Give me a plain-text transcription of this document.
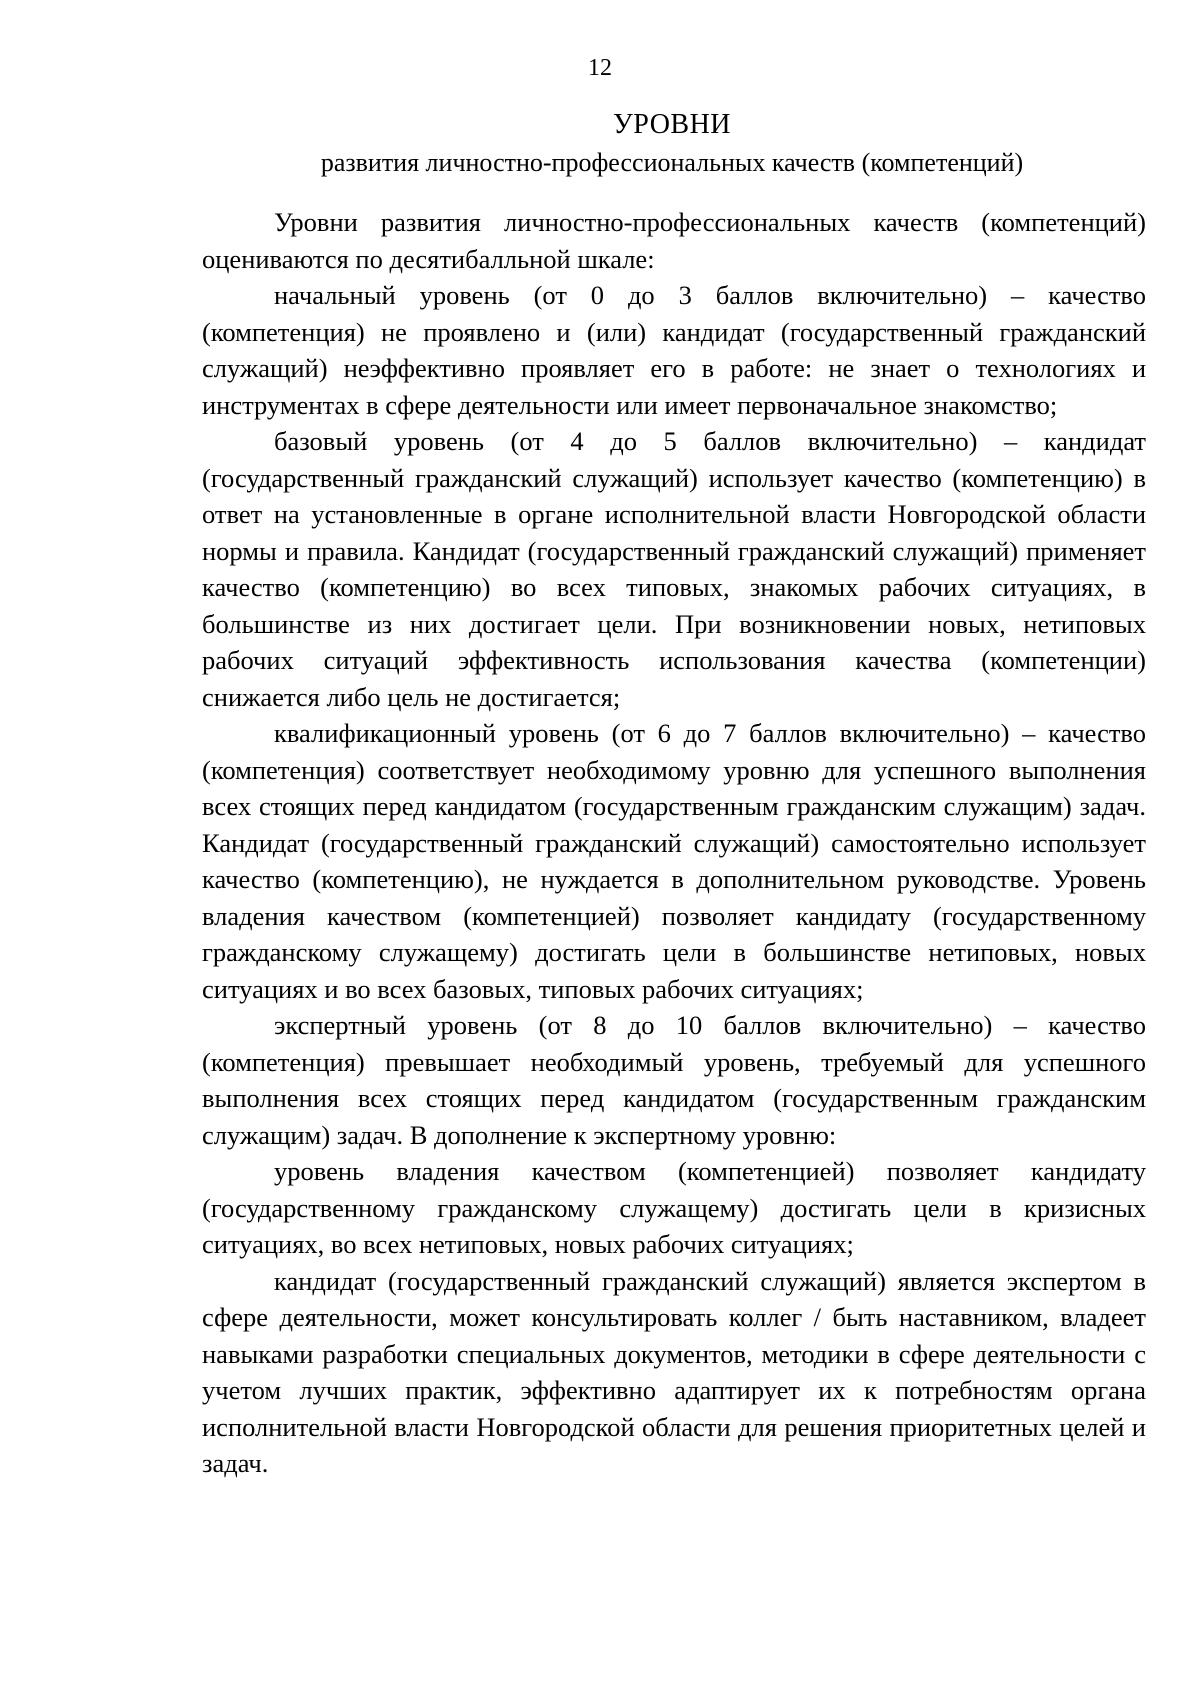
12
УРОВНИ
развития личностно-профессиональных качеств (компетенций)

Уровни развития личностно-профессиональных качеств (компетенций) оцениваются по десятибалльной шкале:

начальный уровень (от 0 до 3 баллов включительно) – качество (компетенция) не проявлено и (или) кандидат (государственный гражданский служащий) неэффективно проявляет его в работе: не знает о технологиях и инструментах в сфере деятельности или имеет первоначальное знакомство;

базовый уровень (от 4 до 5 баллов включительно) – кандидат (государственный гражданский служащий) использует качество (компетенцию) в ответ на установленные в органе исполнительной власти Новгородской области нормы и правила. Кандидат (государственный гражданский служащий) применяет качество (компетенцию) во всех типовых, знакомых рабочих ситуациях, в большинстве из них достигает цели. При возникновении новых, нетиповых рабочих ситуаций эффективность использования качества (компетенции) снижается либо цель не достигается;

квалификационный уровень (от 6 до 7 баллов включительно) – качество (компетенция) соответствует необходимому уровню для успешного выполнения всех стоящих перед кандидатом (государственным гражданским служащим) задач. Кандидат (государственный гражданский служащий) самостоятельно использует качество (компетенцию), не нуждается в дополнительном руководстве. Уровень владения качеством (компетенцией) позволяет кандидату (государственному гражданскому служащему) достигать цели в большинстве нетиповых, новых ситуациях и во всех базовых, типовых рабочих ситуациях;

экспертный уровень (от 8 до 10 баллов включительно) – качество (компетенция) превышает необходимый уровень, требуемый для успешного выполнения всех стоящих перед кандидатом (государственным гражданским служащим) задач. В дополнение к экспертному уровню:

уровень владения качеством (компетенцией) позволяет кандидату (государственному гражданскому служащему) достигать цели в кризисных ситуациях, во всех нетиповых, новых рабочих ситуациях;

кандидат (государственный гражданский служащий) является экспертом в сфере деятельности, может консультировать коллег / быть наставником, владеет навыками разработки специальных документов, методики в сфере деятельности с учетом лучших практик, эффективно адаптирует их к потребностям органа исполнительной власти Новгородской области для решения приоритетных целей и задач.
